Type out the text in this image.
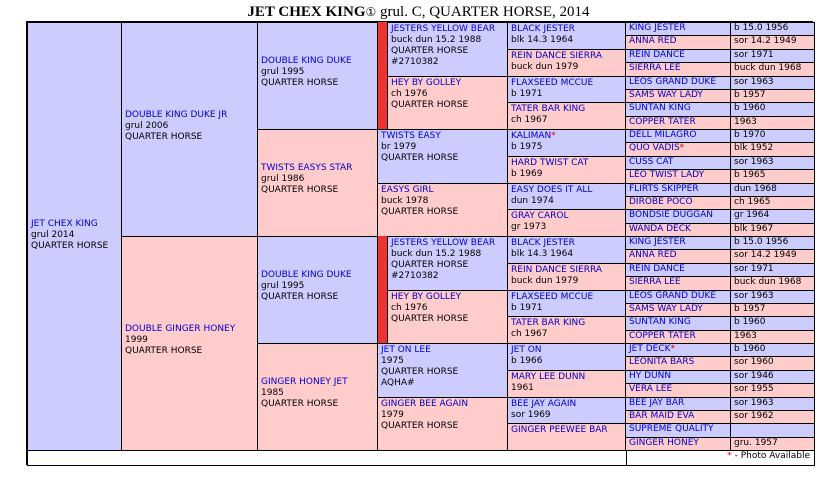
JET CHEX KING① grul. C, QUARTER HORSE, 2014
JET CHEX KING
grul 2014
QUARTER HORSE
DOUBLE KING DUKE JR
grul 2006
QUARTER HORSE
DOUBLE GINGER HONEY
1999
QUARTER HORSE
DOUBLE KING DUKE
grul 1995
QUARTER HORSE
TWISTS EASYS STAR
grul 1986
QUARTER HORSE
DOUBLE KING DUKE
grul 1995
QUARTER HORSE
GINGER HONEY JET
1985
QUARTER HORSE
JESTERS YELLOW BEAR
buck dun 15.2 1988
QUARTER HORSE
#2710382
HEY BY GOLLEY
ch 1976
QUARTER HORSE
TWISTS EASY
br 1979
QUARTER HORSE
EASYS GIRL
buck 1978
QUARTER HORSE
JESTERS YELLOW BEAR
buck dun 15.2 1988
QUARTER HORSE
#2710382
HEY BY GOLLEY
ch 1976
QUARTER HORSE
JET ON LEE
1975
QUARTER HORSE
AQHA#
GINGER BEE AGAIN
1979
QUARTER HORSE
BLACK JESTER
blk 14.3 1964
REIN DANCE SIERRA
buck dun 1979
FLAXSEED MCCUE
b 1971
TATER BAR KING
ch 1967
KALIMAN*
b 1975
HARD TWIST CAT
b 1969
EASY DOES IT ALL
dun 1974
GRAY CAROL
gr 1973
BLACK JESTER
blk 14.3 1964
REIN DANCE SIERRA
buck dun 1979
FLAXSEED MCCUE
b 1971
TATER BAR KING
ch 1967
JET ON
b 1966
MARY LEE DUNN
1961
BEE JAY AGAIN
sor 1969
GINGER PEEWEE BAR
KING JESTER	b 15.0 1956
ANNA RED	sor 14.2 1949
REIN DANCE	sor 1971
SIERRA LEE	buck dun 1968
LEOS GRAND DUKE	sor 1963
SAMS WAY LADY	b 1957
SUNTAN KING	b 1960
COPPER TATER	1963
DELL MILAGRO	b 1970
QUO VADIS*	blk 1952
CUSS CAT	sor 1963
LEO TWIST LADY	b 1965
FLIRTS SKIPPER	dun 1968
DIROBE POCO	ch 1965
BONDSIE DUGGAN	gr 1964
WANDA DECK	blk 1967
KING JESTER	b 15.0 1956
ANNA RED	sor 14.2 1949
REIN DANCE	sor 1971
SIERRA LEE	buck dun 1968
LEOS GRAND DUKE	sor 1963
SAMS WAY LADY	b 1957
SUNTAN KING	b 1960
COPPER TATER	1963
JET DECK*	b 1960
LEONITA BARS	sor 1960
HY DUNN	sor 1946
VERA LEE	sor 1955
BEE JAY BAR	sor 1963
BAR MAID EVA	sor 1962
SUPREME QUALITY
GINGER HONEY	gru. 1957
* - Photo Available
